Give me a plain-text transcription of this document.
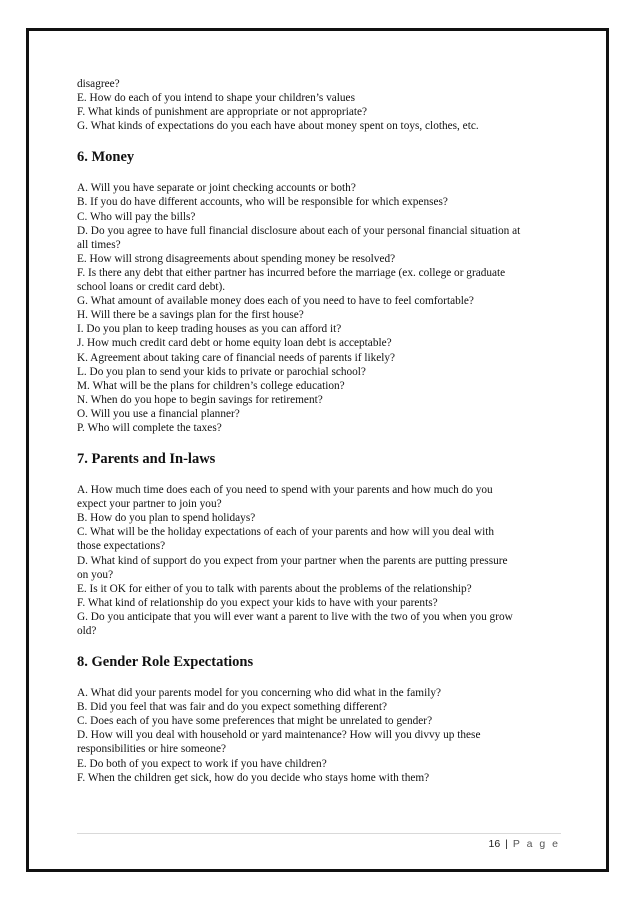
disagree?
E. How do each of you intend to shape your children’s values
F. What kinds of punishment are appropriate or not appropriate?
G. What kinds of expectations do you each have about money spent on toys, clothes, etc.
6. Money
A. Will you have separate or joint checking accounts or both?
B. If you do have different accounts, who will be responsible for which expenses?
C. Who will pay the bills?
D. Do you agree to have full financial disclosure about each of your personal financial situation at
all times?
E. How will strong disagreements about spending money be resolved?
F. Is there any debt that either partner has incurred before the marriage (ex. college or graduate
school loans or credit card debt).
G. What amount of available money does each of you need to have to feel comfortable?
H. Will there be a savings plan for the first house?
I. Do you plan to keep trading houses as you can afford it?
J. How much credit card debt or home equity loan debt is acceptable?
K. Agreement about taking care of financial needs of parents if likely?
L. Do you plan to send your kids to private or parochial school?
M. What will be the plans for children’s college education?
N. When do you hope to begin savings for retirement?
O. Will you use a financial planner?
P. Who will complete the taxes?
7. Parents and In-laws
A. How much time does each of you need to spend with your parents and how much do you
expect your partner to join you?
B. How do you plan to spend holidays?
C. What will be the holiday expectations of each of your parents and how will you deal with
those expectations?
D. What kind of support do you expect from your partner when the parents are putting pressure
on you?
E. Is it OK for either of you to talk with parents about the problems of the relationship?
F. What kind of relationship do you expect your kids to have with your parents?
G. Do you anticipate that you will ever want a parent to live with the two of you when you grow
old?
8. Gender Role Expectations
A. What did your parents model for you concerning who did what in the family?
B. Did you feel that was fair and do you expect something different?
C. Does each of you have some preferences that might be unrelated to gender?
D. How will you deal with household or yard maintenance? How will you divvy up these
responsibilities or hire someone?
E. Do both of you expect to work if you have children?
F. When the children get sick, how do you decide who stays home with them?
16 | P a g e
